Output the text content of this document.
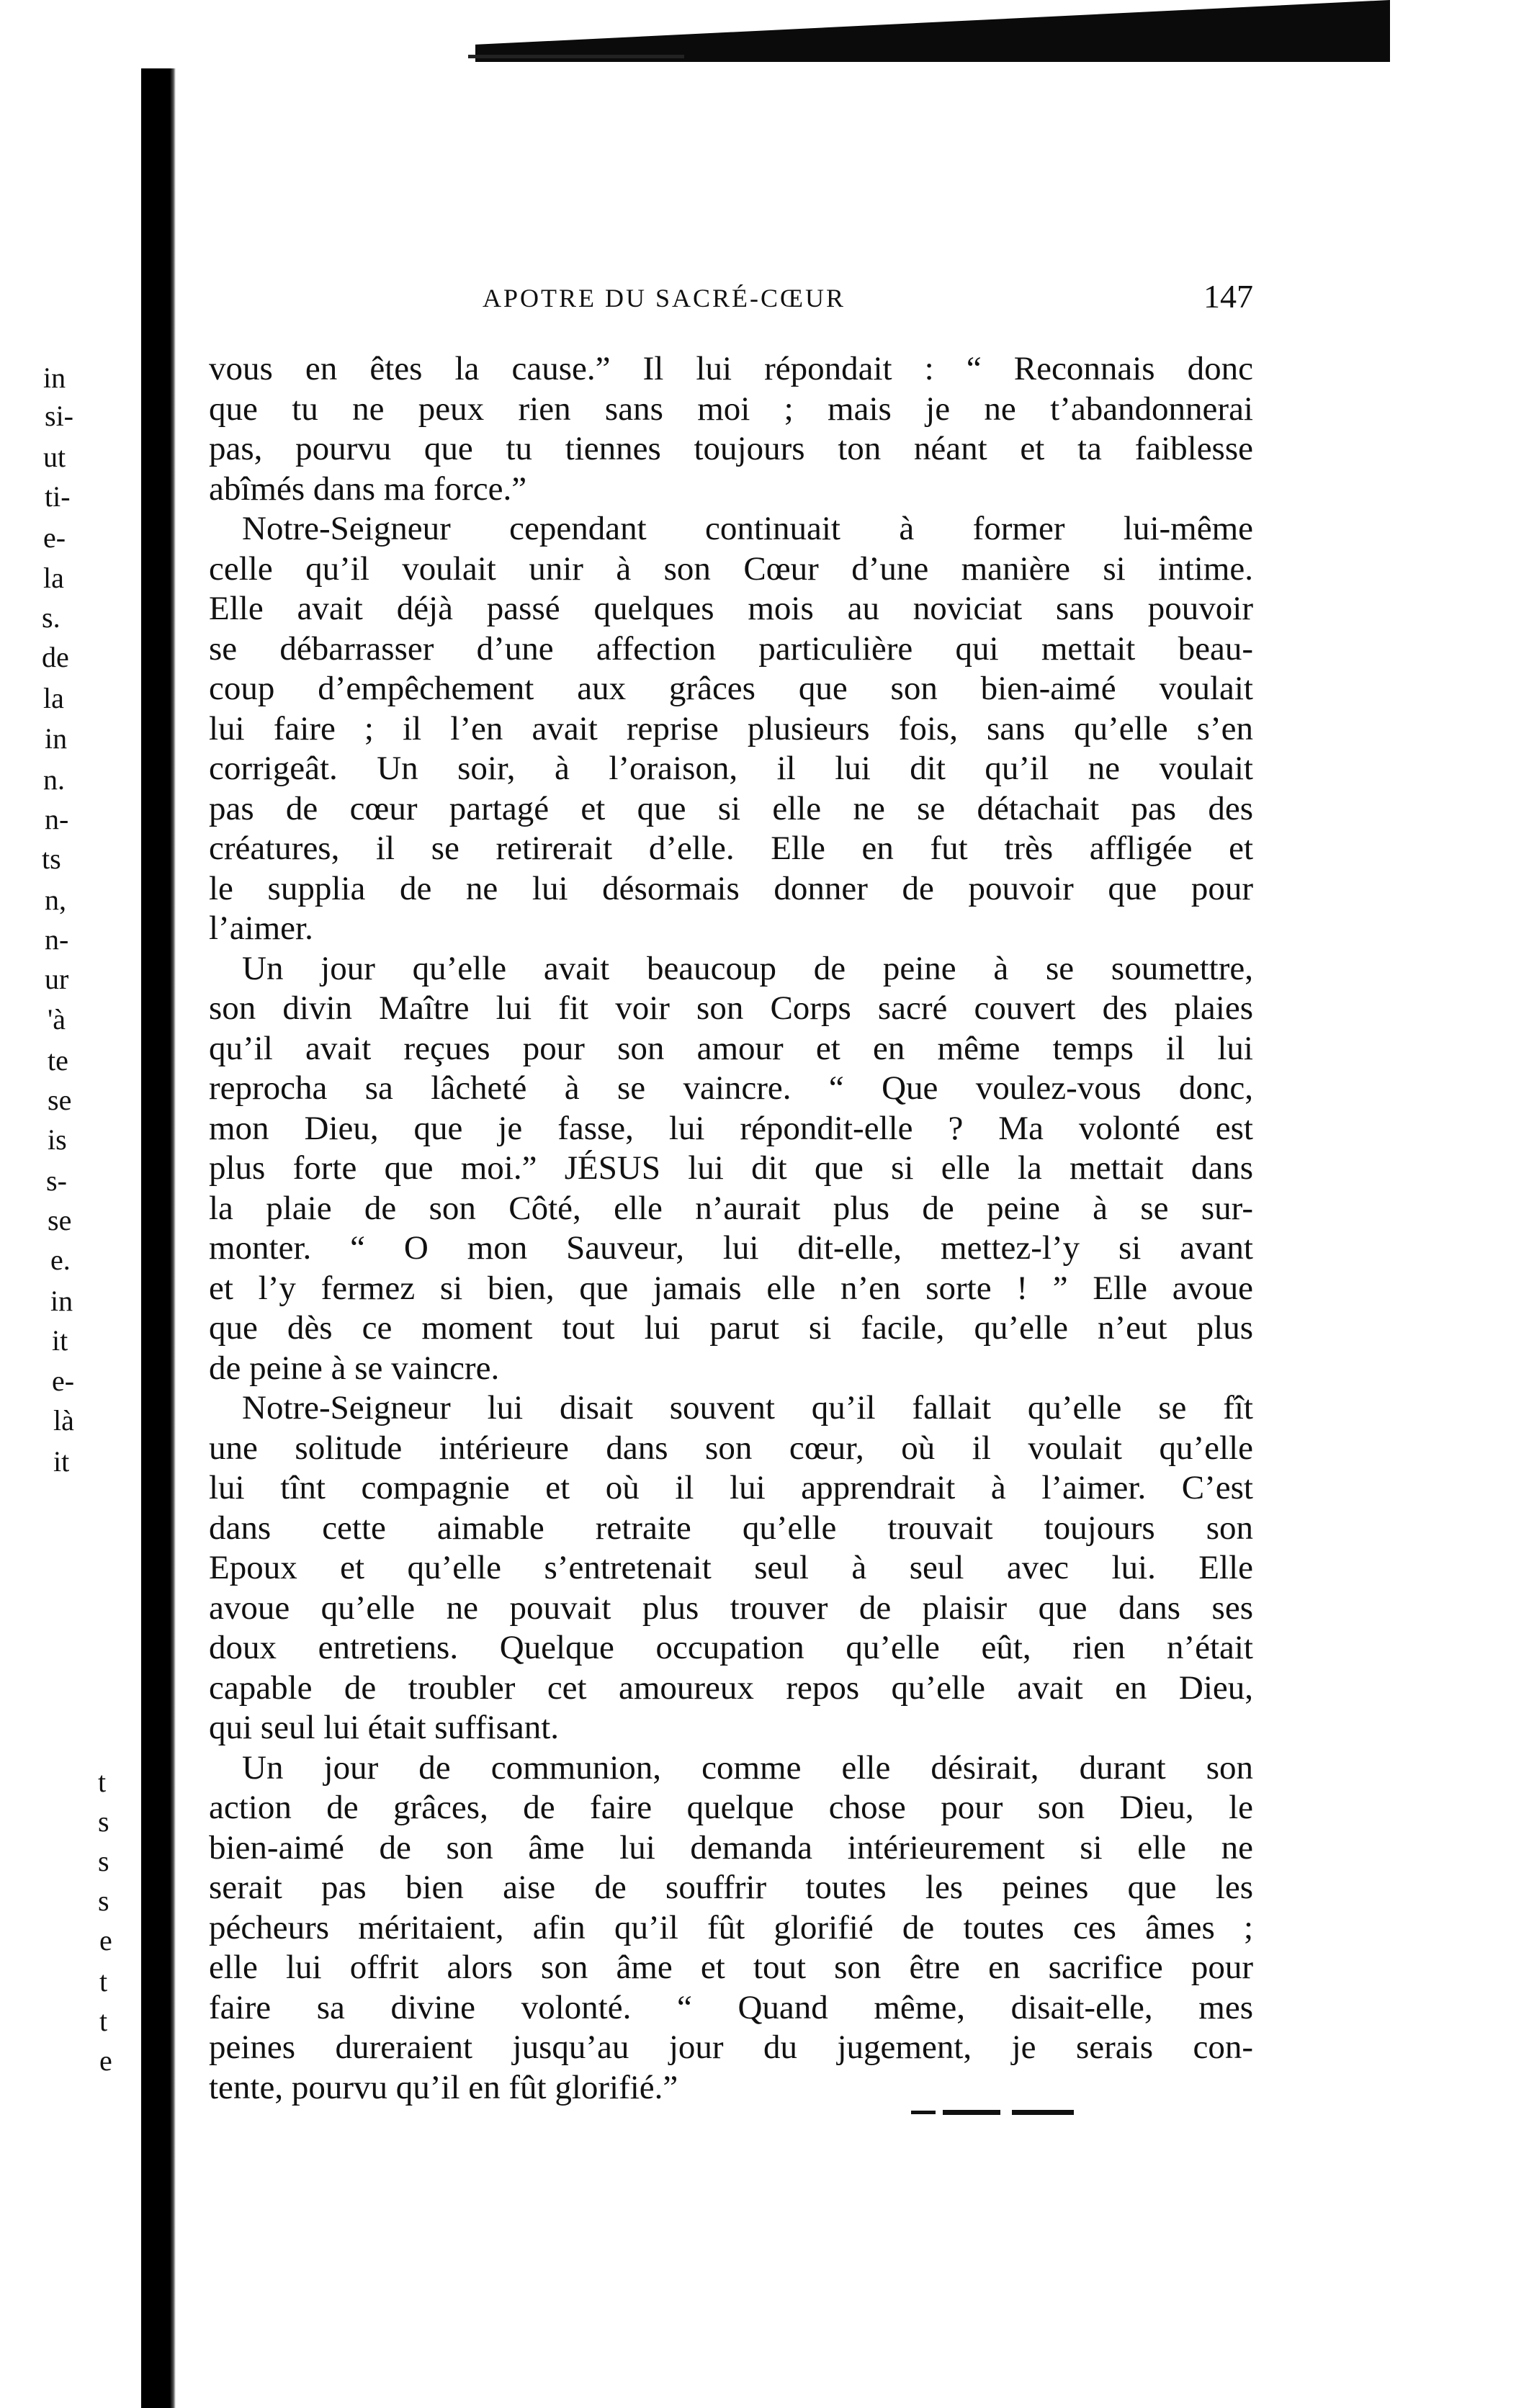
in
si-
ut
ti-
e-
la
s.
de
la
in
n.
n-
ts
n,
n-
ur
'à
te
se
is
s-
se
e.
in
it
e-
là
it
t
s
s
s
e
t
t
e
APOTRE DU SACRÉ-CŒUR	147
vous en êtes la cause.” Il lui répondait : “ Reconnais donc
que tu ne peux rien sans moi ; mais je ne t’abandonnerai
pas, pourvu que tu tiennes toujours ton néant et ta faiblesse
abîmés dans ma force.”
Notre-Seigneur cependant continuait à former lui-même
celle qu’il voulait unir à son Cœur d’une manière si intime.
Elle avait déjà passé quelques mois au noviciat sans pouvoir
se débarrasser d’une affection particulière qui mettait beau-
coup d’empêchement aux grâces que son bien-aimé voulait
lui faire ; il l’en avait reprise plusieurs fois, sans qu’elle s’en
corrigeât. Un soir, à l’oraison, il lui dit qu’il ne voulait
pas de cœur partagé et que si elle ne se détachait pas des
créatures, il se retirerait d’elle. Elle en fut très affligée et
le supplia de ne lui désormais donner de pouvoir que pour
l’aimer.
Un jour qu’elle avait beaucoup de peine à se soumettre,
son divin Maître lui fit voir son Corps sacré couvert des plaies
qu’il avait reçues pour son amour et en même temps il lui
reprocha sa lâcheté à se vaincre. “ Que voulez-vous donc,
mon Dieu, que je fasse, lui répondit-elle ? Ma volonté est
plus forte que moi.” JÉSUS lui dit que si elle la mettait dans
la plaie de son Côté, elle n’aurait plus de peine à se sur-
monter. “ O mon Sauveur, lui dit-elle, mettez-l’y si avant
et l’y fermez si bien, que jamais elle n’en sorte ! ” Elle avoue
que dès ce moment tout lui parut si facile, qu’elle n’eut plus
de peine à se vaincre.
Notre-Seigneur lui disait souvent qu’il fallait qu’elle se fît
une solitude intérieure dans son cœur, où il voulait qu’elle
lui tînt compagnie et où il lui apprendrait à l’aimer. C’est
dans cette aimable retraite qu’elle trouvait toujours son
Epoux et qu’elle s’entretenait seul à seul avec lui. Elle
avoue qu’elle ne pouvait plus trouver de plaisir que dans ses
doux entretiens. Quelque occupation qu’elle eût, rien n’était
capable de troubler cet amoureux repos qu’elle avait en Dieu,
qui seul lui était suffisant.
Un jour de communion, comme elle désirait, durant son
action de grâces, de faire quelque chose pour son Dieu, le
bien-aimé de son âme lui demanda intérieurement si elle ne
serait pas bien aise de souffrir toutes les peines que les
pécheurs méritaient, afin qu’il fût glorifié de toutes ces âmes ;
elle lui offrit alors son âme et tout son être en sacrifice pour
faire sa divine volonté. “ Quand même, disait-elle, mes
peines dureraient jusqu’au jour du jugement, je serais con-
tente, pourvu qu’il en fût glorifié.”
